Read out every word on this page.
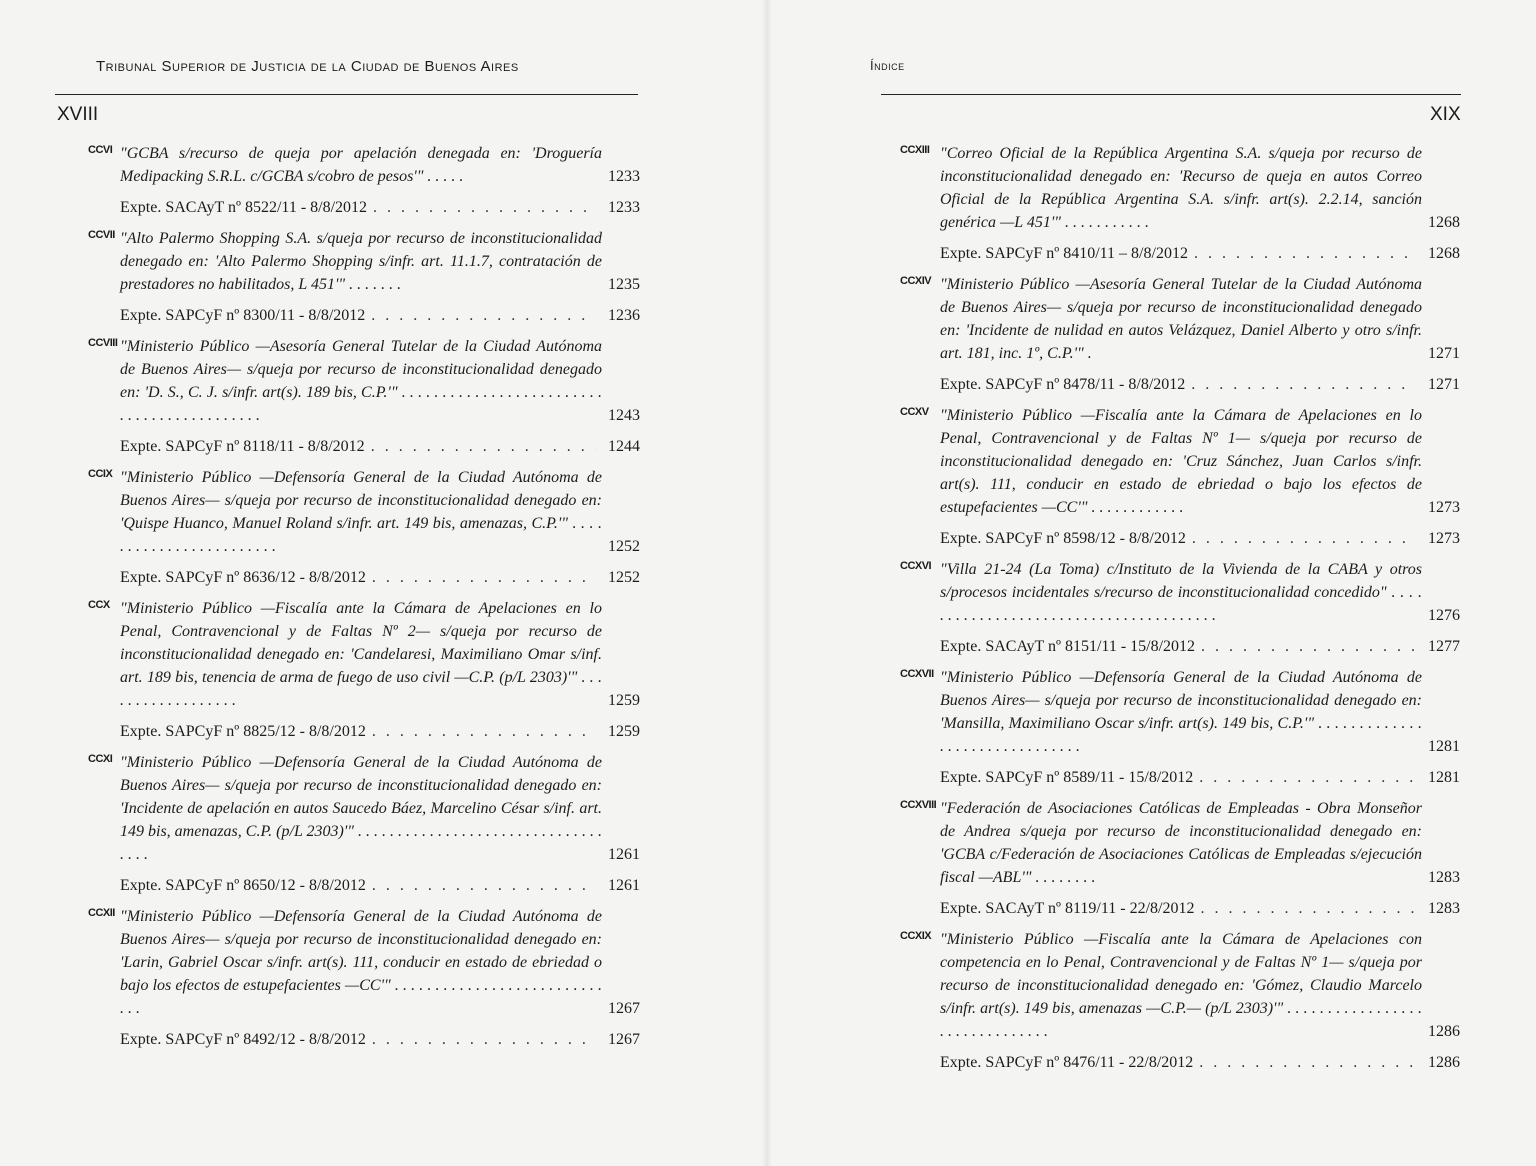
Tribunal Superior de Justicia de la Ciudad de Buenos Aires
XVIII
CCVI "GCBA s/recurso de queja por apelación denegada en: 'Droguería Medipacking S.R.L. c/GCBA s/cobro de pesos'" . . . . .	1233
Expte. SACAyT nº 8522/11 - 8/8/2012 . . .	1233
CCVII "Alto Palermo Shopping S.A. s/queja por recurso de inconstitucionalidad denegado en: 'Alto Palermo Shopping s/infr. art. 11.1.7, contratación de prestadores no habilitados, L 451'" . . . . . . .	1235
Expte. SAPCyF nº 8300/11 - 8/8/2012 . . .	1236
CCVIII "Ministerio Público —Asesoría General Tutelar de la Ciudad Autónoma de Buenos Aires— s/queja por recurso de inconstitucionalidad denegado en: 'D. S., C. J. s/infr. art(s). 189 bis, C.P.'" . . . . . . . . . . . . . . . . . . . . . . . . . . . . . . . . . . . . . . . . . . .	1243
Expte. SAPCyF nº 8118/11 - 8/8/2012 . . .	1244
CCIX "Ministerio Público —Defensoría General de la Ciudad Autónoma de Buenos Aires— s/queja por recurso de inconstitucionalidad denegado en: 'Quispe Huanco, Manuel Roland s/infr. art. 149 bis, amenazas, C.P.'" . . . . . . . . . . . . . . . . . . . . . . . .	1252
Expte. SAPCyF nº 8636/12 - 8/8/2012 . . .	1252
CCX "Ministerio Público —Fiscalía ante la Cámara de Apelaciones en lo Penal, Contravencional y de Faltas Nº 2— s/queja por recurso de inconstitucionalidad denegado en: 'Candelaresi, Maximiliano Omar s/inf. art. 189 bis, tenencia de arma de fuego de uso civil —C.P. (p/L 2303)'" . . . . . . . . . . . . . . . . . .	1259
Expte. SAPCyF nº 8825/12 - 8/8/2012 . . .	1259
CCXI "Ministerio Público —Defensoría General de la Ciudad Autónoma de Buenos Aires— s/queja por recurso de inconstitucionalidad denegado en: 'Incidente de apelación en autos Saucedo Báez, Marcelino César s/inf. art. 149 bis, amenazas, C.P. (p/L 2303)'" . . . . . . . . . . . . . . . . . . . . . . . . . . . . . . . . . . .	1261
Expte. SAPCyF nº 8650/12 - 8/8/2012 . . .	1261
CCXII "Ministerio Público —Defensoría General de la Ciudad Autónoma de Buenos Aires— s/queja por recurso de inconstitucionalidad denegado en: 'Larin, Gabriel Oscar s/infr. art(s). 111, conducir en estado de ebriedad o bajo los efectos de estupefacientes —CC'" . . . . . . . . . . . . . . . . . . . . . . . . . . . . .	1267
Expte. SAPCyF nº 8492/12 - 8/8/2012 . . .	1267
Índice
XIX
CCXIII "Correo Oficial de la República Argentina S.A. s/queja por recurso de inconstitucionalidad denegado en: 'Recurso de queja en autos Correo Oficial de la República Argentina S.A. s/infr. art(s). 2.2.14, sanción genérica —L 451'" . . . . . . . . . . .	1268
Expte. SAPCyF nº 8410/11 – 8/8/2012 . . .	1268
CCXIV "Ministerio Público —Asesoría General Tutelar de la Ciudad Autónoma de Buenos Aires— s/queja por recurso de inconstitucionalidad denegado en: 'Incidente de nulidad en autos Velázquez, Daniel Alberto y otro s/infr. art. 181, inc. 1º, C.P.'" .	1271
Expte. SAPCyF nº 8478/11 - 8/8/2012 . . .	1271
CCXV "Ministerio Público —Fiscalía ante la Cámara de Apelaciones en lo Penal, Contravencional y de Faltas Nº 1— s/queja por recurso de inconstitucionalidad denegado en: 'Cruz Sánchez, Juan Carlos s/infr. art(s). 111, conducir en estado de ebriedad o bajo los efectos de estupefacientes —CC'" . . . . . . . . . . . .	1273
Expte. SAPCyF nº 8598/12 - 8/8/2012 . . .	1273
CCXVI "Villa 21-24 (La Toma) c/Instituto de la Vivienda de la CABA y otros s/procesos incidentales s/recurso de inconstitucionalidad concedido" . . . . . . . . . . . . . . . . . . . . . . . . . . . . . . . . . . . . . . .	1276
Expte. SACAyT nº 8151/11 - 15/8/2012 . . .	1277
CCXVII "Ministerio Público —Defensoría General de la Ciudad Autónoma de Buenos Aires— s/queja por recurso de inconstitucionalidad denegado en: 'Mansilla, Maximiliano Oscar s/infr. art(s). 149 bis, C.P.'" . . . . . . . . . . . . . . . . . . . . . . . . . . . . . . .	1281
Expte. SAPCyF nº 8589/11 - 15/8/2012 . . .	1281
CCXVIII "Federación de Asociaciones Católicas de Empleadas - Obra Monseñor de Andrea s/queja por recurso de inconstitucionalidad denegado en: 'GCBA c/Federación de Asociaciones Católicas de Empleadas s/ejecución fiscal —ABL'" . . . . . . . .	1283
Expte. SACAyT nº 8119/11 - 22/8/2012 . . .	1283
CCXIX "Ministerio Público —Fiscalía ante la Cámara de Apelaciones con competencia en lo Penal, Contravencional y de Faltas Nº 1— s/queja por recurso de inconstitucionalidad denegado en: 'Gómez, Claudio Marcelo s/infr. art(s). 149 bis, amenazas —C.P.— (p/L 2303)'" . . . . . . . . . . . . . . . . . . . . . . . . . . . . . . .	1286
Expte. SAPCyF nº 8476/11 - 22/8/2012 . . .	1286
